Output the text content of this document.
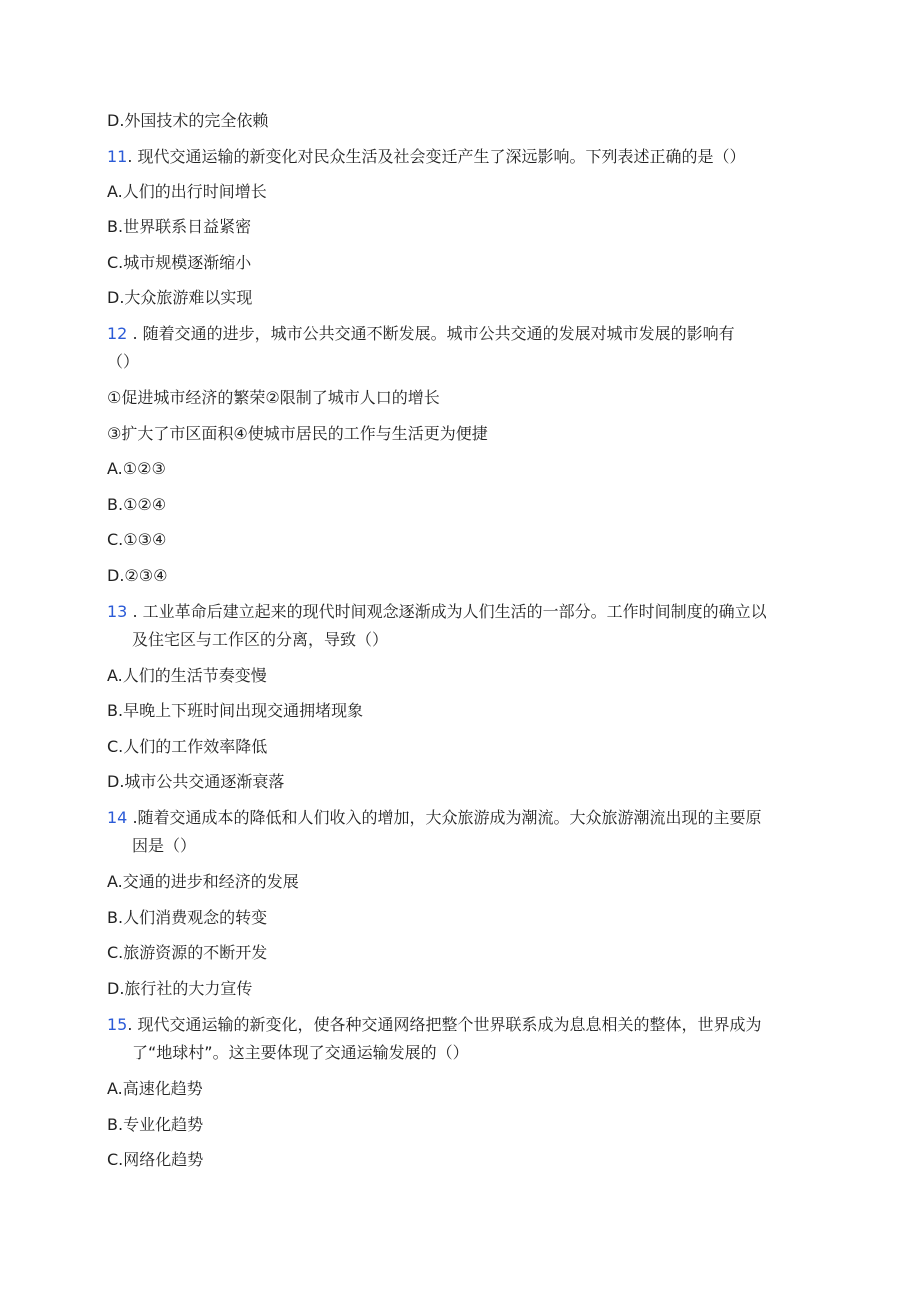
D.外国技术的完全依赖
11. 现代交通运输的新变化对民众生活及社会变迁产生了深远影响。下列表述正确的是（）
A.人们的出行时间增长
B.世界联系日益紧密
C.城市规模逐渐缩小
D.大众旅游难以实现
12 . 随着交通的进步，城市公共交通不断发展。城市公共交通的发展对城市发展的影响有
（）
①促进城市经济的繁荣②限制了城市人口的增长
③扩大了市区面积④使城市居民的工作与生活更为便捷
A.①②③
B.①②④
C.①③④
D.②③④
13 . 工业革命后建立起来的现代时间观念逐渐成为人们生活的一部分。工作时间制度的确立以
及住宅区与工作区的分离，导致（）
A.人们的生活节奏变慢
B.早晚上下班时间出现交通拥堵现象
C.人们的工作效率降低
D.城市公共交通逐渐衰落
14 .随着交通成本的降低和人们收入的增加，大众旅游成为潮流。大众旅游潮流出现的主要原
因是（）
A.交通的进步和经济的发展
B.人们消费观念的转变
C.旅游资源的不断开发
D.旅行社的大力宣传
15. 现代交通运输的新变化，使各种交通网络把整个世界联系成为息息相关的整体，世界成为
了“地球村”。这主要体现了交通运输发展的（）
A.高速化趋势
B.专业化趋势
C.网络化趋势
